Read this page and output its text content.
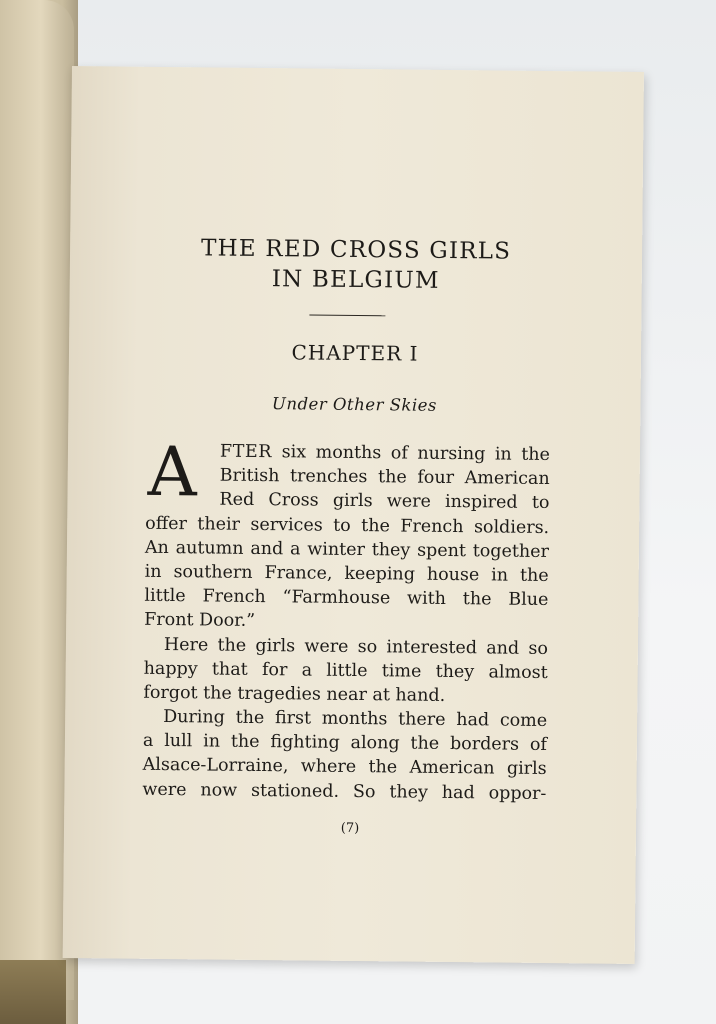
THE RED CROSS GIRLS
IN BELGIUM
CHAPTER I
Under Other Skies
A	FTER six months of nursing in the
British trenches the four American
Red Cross girls were inspired to
offer their services to the French soldiers.
An autumn and a winter they spent together
in southern France, keeping house in the
little French “Farmhouse with the Blue
Front Door.”
Here the girls were so interested and so
happy that for a little time they almost
forgot the tragedies near at hand.
During the first months there had come
a lull in the fighting along the borders of
Alsace-Lorraine, where the American girls
were now stationed. So they had oppor-
(7)
